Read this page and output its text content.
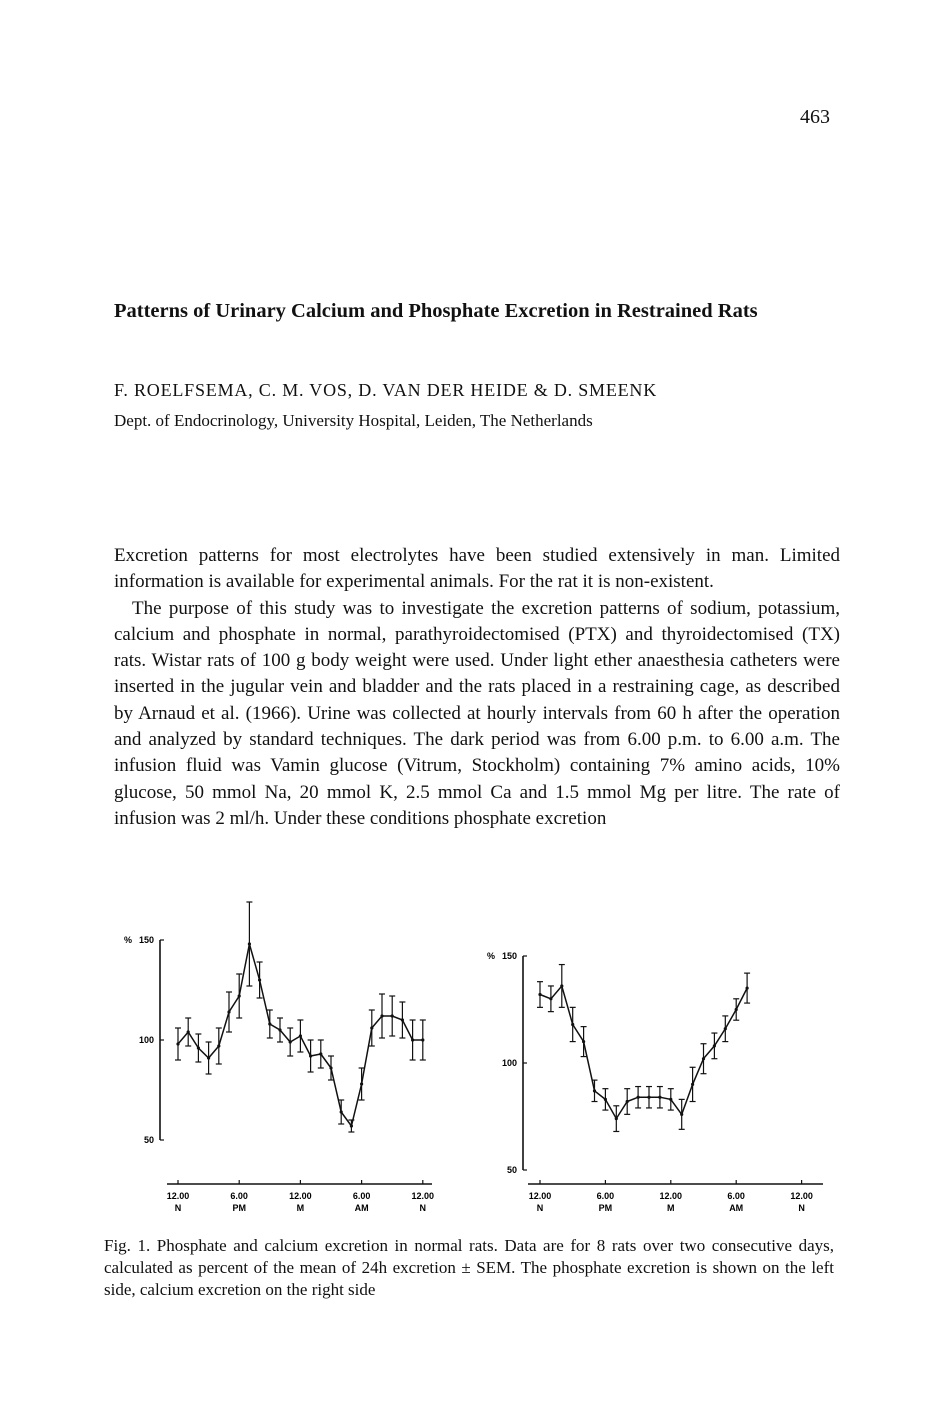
463
Patterns of Urinary Calcium and Phosphate Excretion in Restrained Rats
F. ROELFSEMA, C. M. VOS, D. VAN DER HEIDE & D. SMEENK
Dept. of Endocrinology, University Hospital, Leiden, The Netherlands

Excretion patterns for most electrolytes have been studied extensively in man. Limited information is available for experimental animals. For the rat it is non-existent.

The purpose of this study was to investigate the excretion patterns of sodium, potassium, calcium and phosphate in normal, parathyroidectomised (PTX) and thyroidectomised (TX) rats. Wistar rats of 100 g body weight were used. Under light ether anaesthesia catheters were inserted in the jugular vein and bladder and the rats placed in a restraining cage, as described by Arnaud et al. (1966). Urine was collected at hourly intervals from 60 h after the operation and analyzed by standard techniques. The dark period was from 6.00 p.m. to 6.00 a.m. The infusion fluid was Vamin glucose (Vitrum, Stockholm) containing 7% amino acids, 10% glucose, 50 mmol Na, 20 mmol K, 2.5 mmol Ca and 1.5 mmol Mg per litre. The rate of infusion was 2 ml/h. Under these conditions phosphate excretion

150
100
50
%
12.00
N
6.00
PM
12.00
M
6.00
AM
12.00
N
150
100
50
%
12.00
N
6.00
PM
12.00
M
6.00
AM
12.00
N
Fig. 1. Phosphate and calcium excretion in normal rats. Data are for 8 rats over two consecutive days, calculated as percent of the mean of 24h excretion ± SEM. The phosphate excretion is shown on the left side, calcium excretion on the right side
